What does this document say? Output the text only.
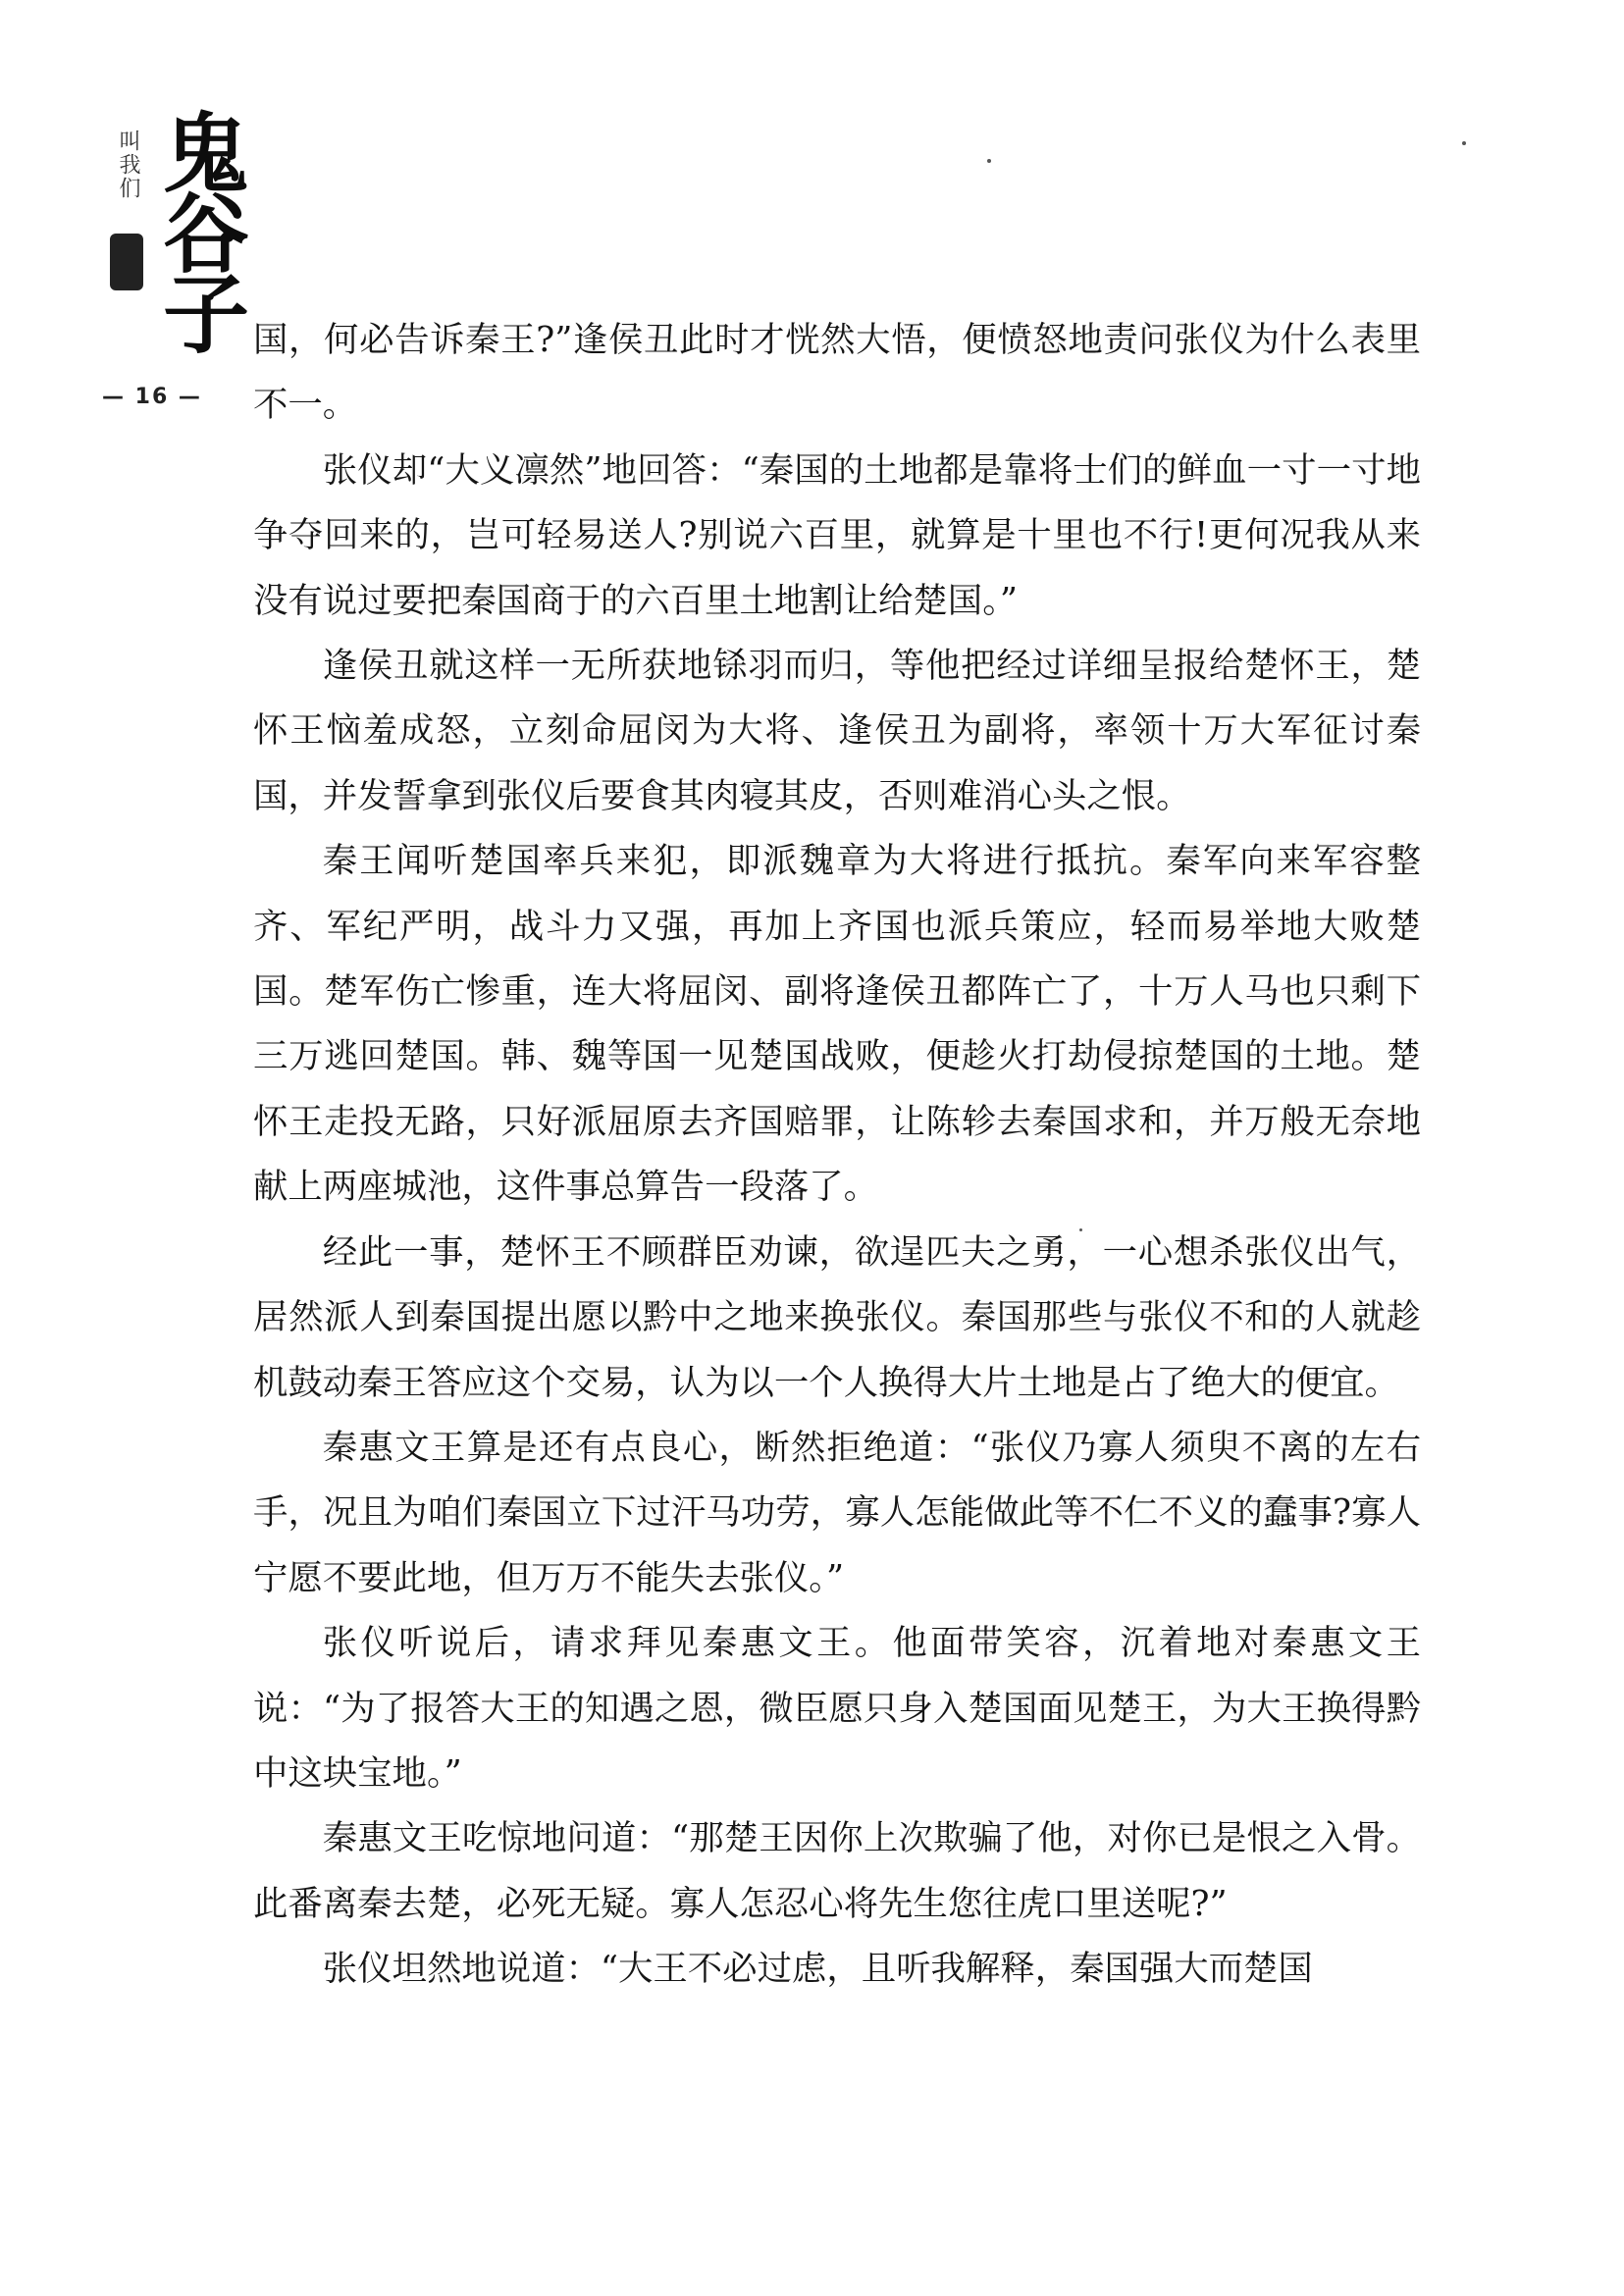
叫我们 鬼谷子
— 16 —

国，何必告诉秦王?”逢侯丑此时才恍然大悟，便愤怒地责问张仪为什么表里不一。

张仪却“大义凛然”地回答：“秦国的土地都是靠将士们的鲜血一寸一寸地争夺回来的，岂可轻易送人?别说六百里，就算是十里也不行!更何况我从来没有说过要把秦国商于的六百里土地割让给楚国。”

逢侯丑就这样一无所获地铩羽而归，等他把经过详细呈报给楚怀王，楚怀王恼羞成怒，立刻命屈闵为大将、逢侯丑为副将，率领十万大军征讨秦国，并发誓拿到张仪后要食其肉寝其皮，否则难消心头之恨。

秦王闻听楚国率兵来犯，即派魏章为大将进行抵抗。秦军向来军容整齐、军纪严明，战斗力又强，再加上齐国也派兵策应，轻而易举地大败楚国。楚军伤亡惨重，连大将屈闵、副将逢侯丑都阵亡了，十万人马也只剩下三万逃回楚国。韩、魏等国一见楚国战败，便趁火打劫侵掠楚国的土地。楚怀王走投无路，只好派屈原去齐国赔罪，让陈轸去秦国求和，并万般无奈地献上两座城池，这件事总算告一段落了。

经此一事，楚怀王不顾群臣劝谏，欲逞匹夫之勇，一心想杀张仪出气，居然派人到秦国提出愿以黔中之地来换张仪。秦国那些与张仪不和的人就趁机鼓动秦王答应这个交易，认为以一个人换得大片土地是占了绝大的便宜。

秦惠文王算是还有点良心，断然拒绝道：“张仪乃寡人须臾不离的左右手，况且为咱们秦国立下过汗马功劳，寡人怎能做此等不仁不义的蠢事?寡人宁愿不要此地，但万万不能失去张仪。”

张仪听说后，请求拜见秦惠文王。他面带笑容，沉着地对秦惠文王说：“为了报答大王的知遇之恩，微臣愿只身入楚国面见楚王，为大王换得黔中这块宝地。”

秦惠文王吃惊地问道：“那楚王因你上次欺骗了他，对你已是恨之入骨。此番离秦去楚，必死无疑。寡人怎忍心将先生您往虎口里送呢?”

张仪坦然地说道：“大王不必过虑，且听我解释，秦国强大而楚国
